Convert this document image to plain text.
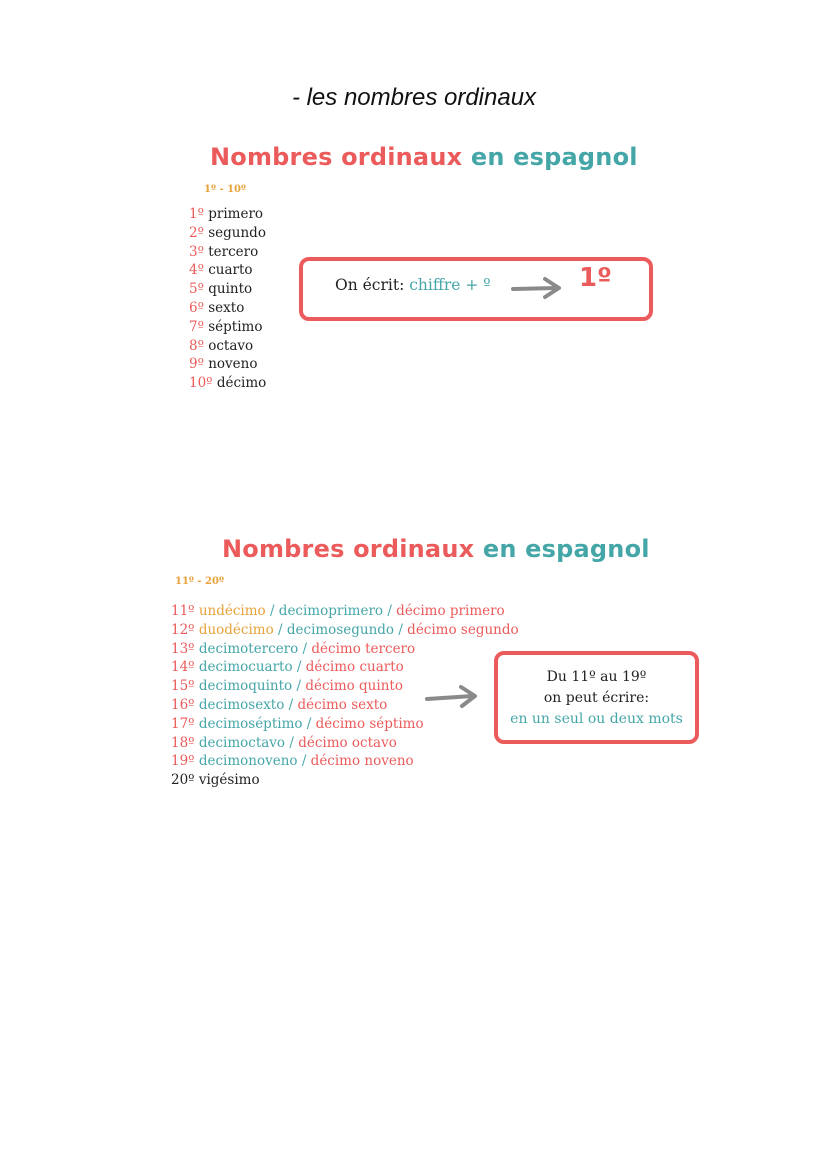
- les nombres ordinaux
Nombres ordinaux en espagnol
1º - 10º
1º primero
2º segundo
3º tercero
4º cuarto
5º quinto
6º sexto
7º séptimo
8º octavo
9º noveno
10º décimo
On écrit: chiffre + º	1º
Nombres ordinaux en espagnol
11º - 20º
11º undécimo / decimoprimero / décimo primero
12º duodécimo / decimosegundo / décimo segundo
13º decimotercero / décimo tercero
14º decimocuarto / décimo cuarto
15º decimoquinto / décimo quinto
16º decimosexto / décimo sexto
17º decimoséptimo / décimo séptimo
18º decimoctavo / décimo octavo
19º decimonoveno / décimo noveno
20º vigésimo
Du 11º au 19º
on peut écrire:
en un seul ou deux mots
